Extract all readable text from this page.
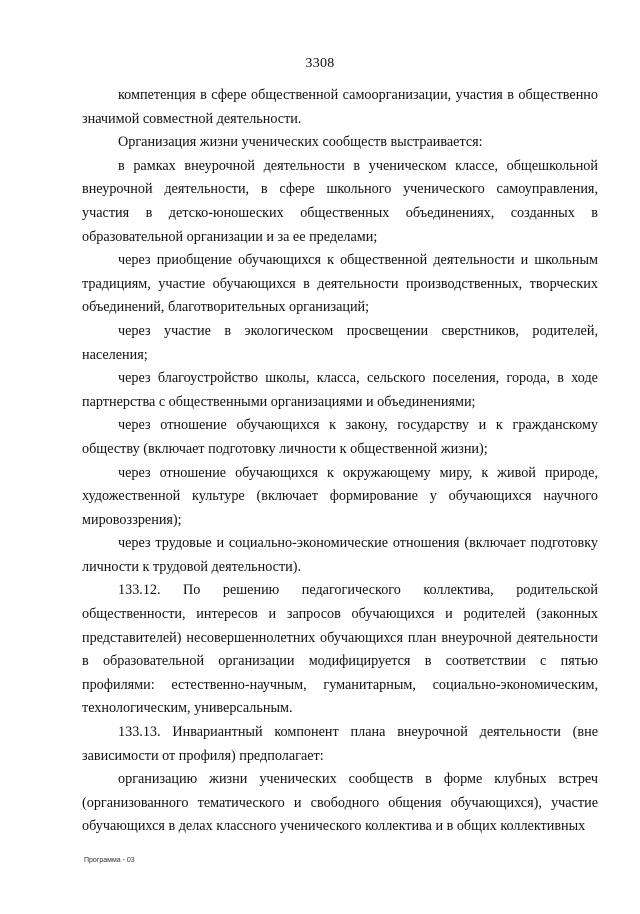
3308

компетенция в сфере общественной самоорганизации, участия в общественно значимой совместной деятельности.

Организация жизни ученических сообществ выстраивается:

в рамках внеурочной деятельности в ученическом классе, общешкольной внеурочной деятельности, в сфере школьного ученического самоуправления, участия в детско-юношеских общественных объединениях, созданных в образовательной организации и за ее пределами;

через приобщение обучающихся к общественной деятельности и школьным традициям, участие обучающихся в деятельности производственных, творческих объединений, благотворительных организаций;

через участие в экологическом просвещении сверстников, родителей, населения;

через благоустройство школы, класса, сельского поселения, города, в ходе партнерства с общественными организациями и объединениями;

через отношение обучающихся к закону, государству и к гражданскому обществу (включает подготовку личности к общественной жизни);

через отношение обучающихся к окружающему миру, к живой природе, художественной культуре (включает формирование у обучающихся научного мировоззрения);

через трудовые и социально-экономические отношения (включает подготовку личности к трудовой деятельности).

133.12. По решению педагогического коллектива, родительской общественности, интересов и запросов обучающихся и родителей (законных представителей) несовершеннолетних обучающихся план внеурочной деятельности в образовательной организации модифицируется в соответствии с пятью профилями: естественно-научным, гуманитарным, социально-экономическим, технологическим, универсальным.

133.13. Инвариантный компонент плана внеурочной деятельности (вне зависимости от профиля) предполагает:

организацию жизни ученических сообществ в форме клубных встреч (организованного тематического и свободного общения обучающихся), участие обучающихся в делах классного ученического коллектива и в общих коллективных

Программа - 03
